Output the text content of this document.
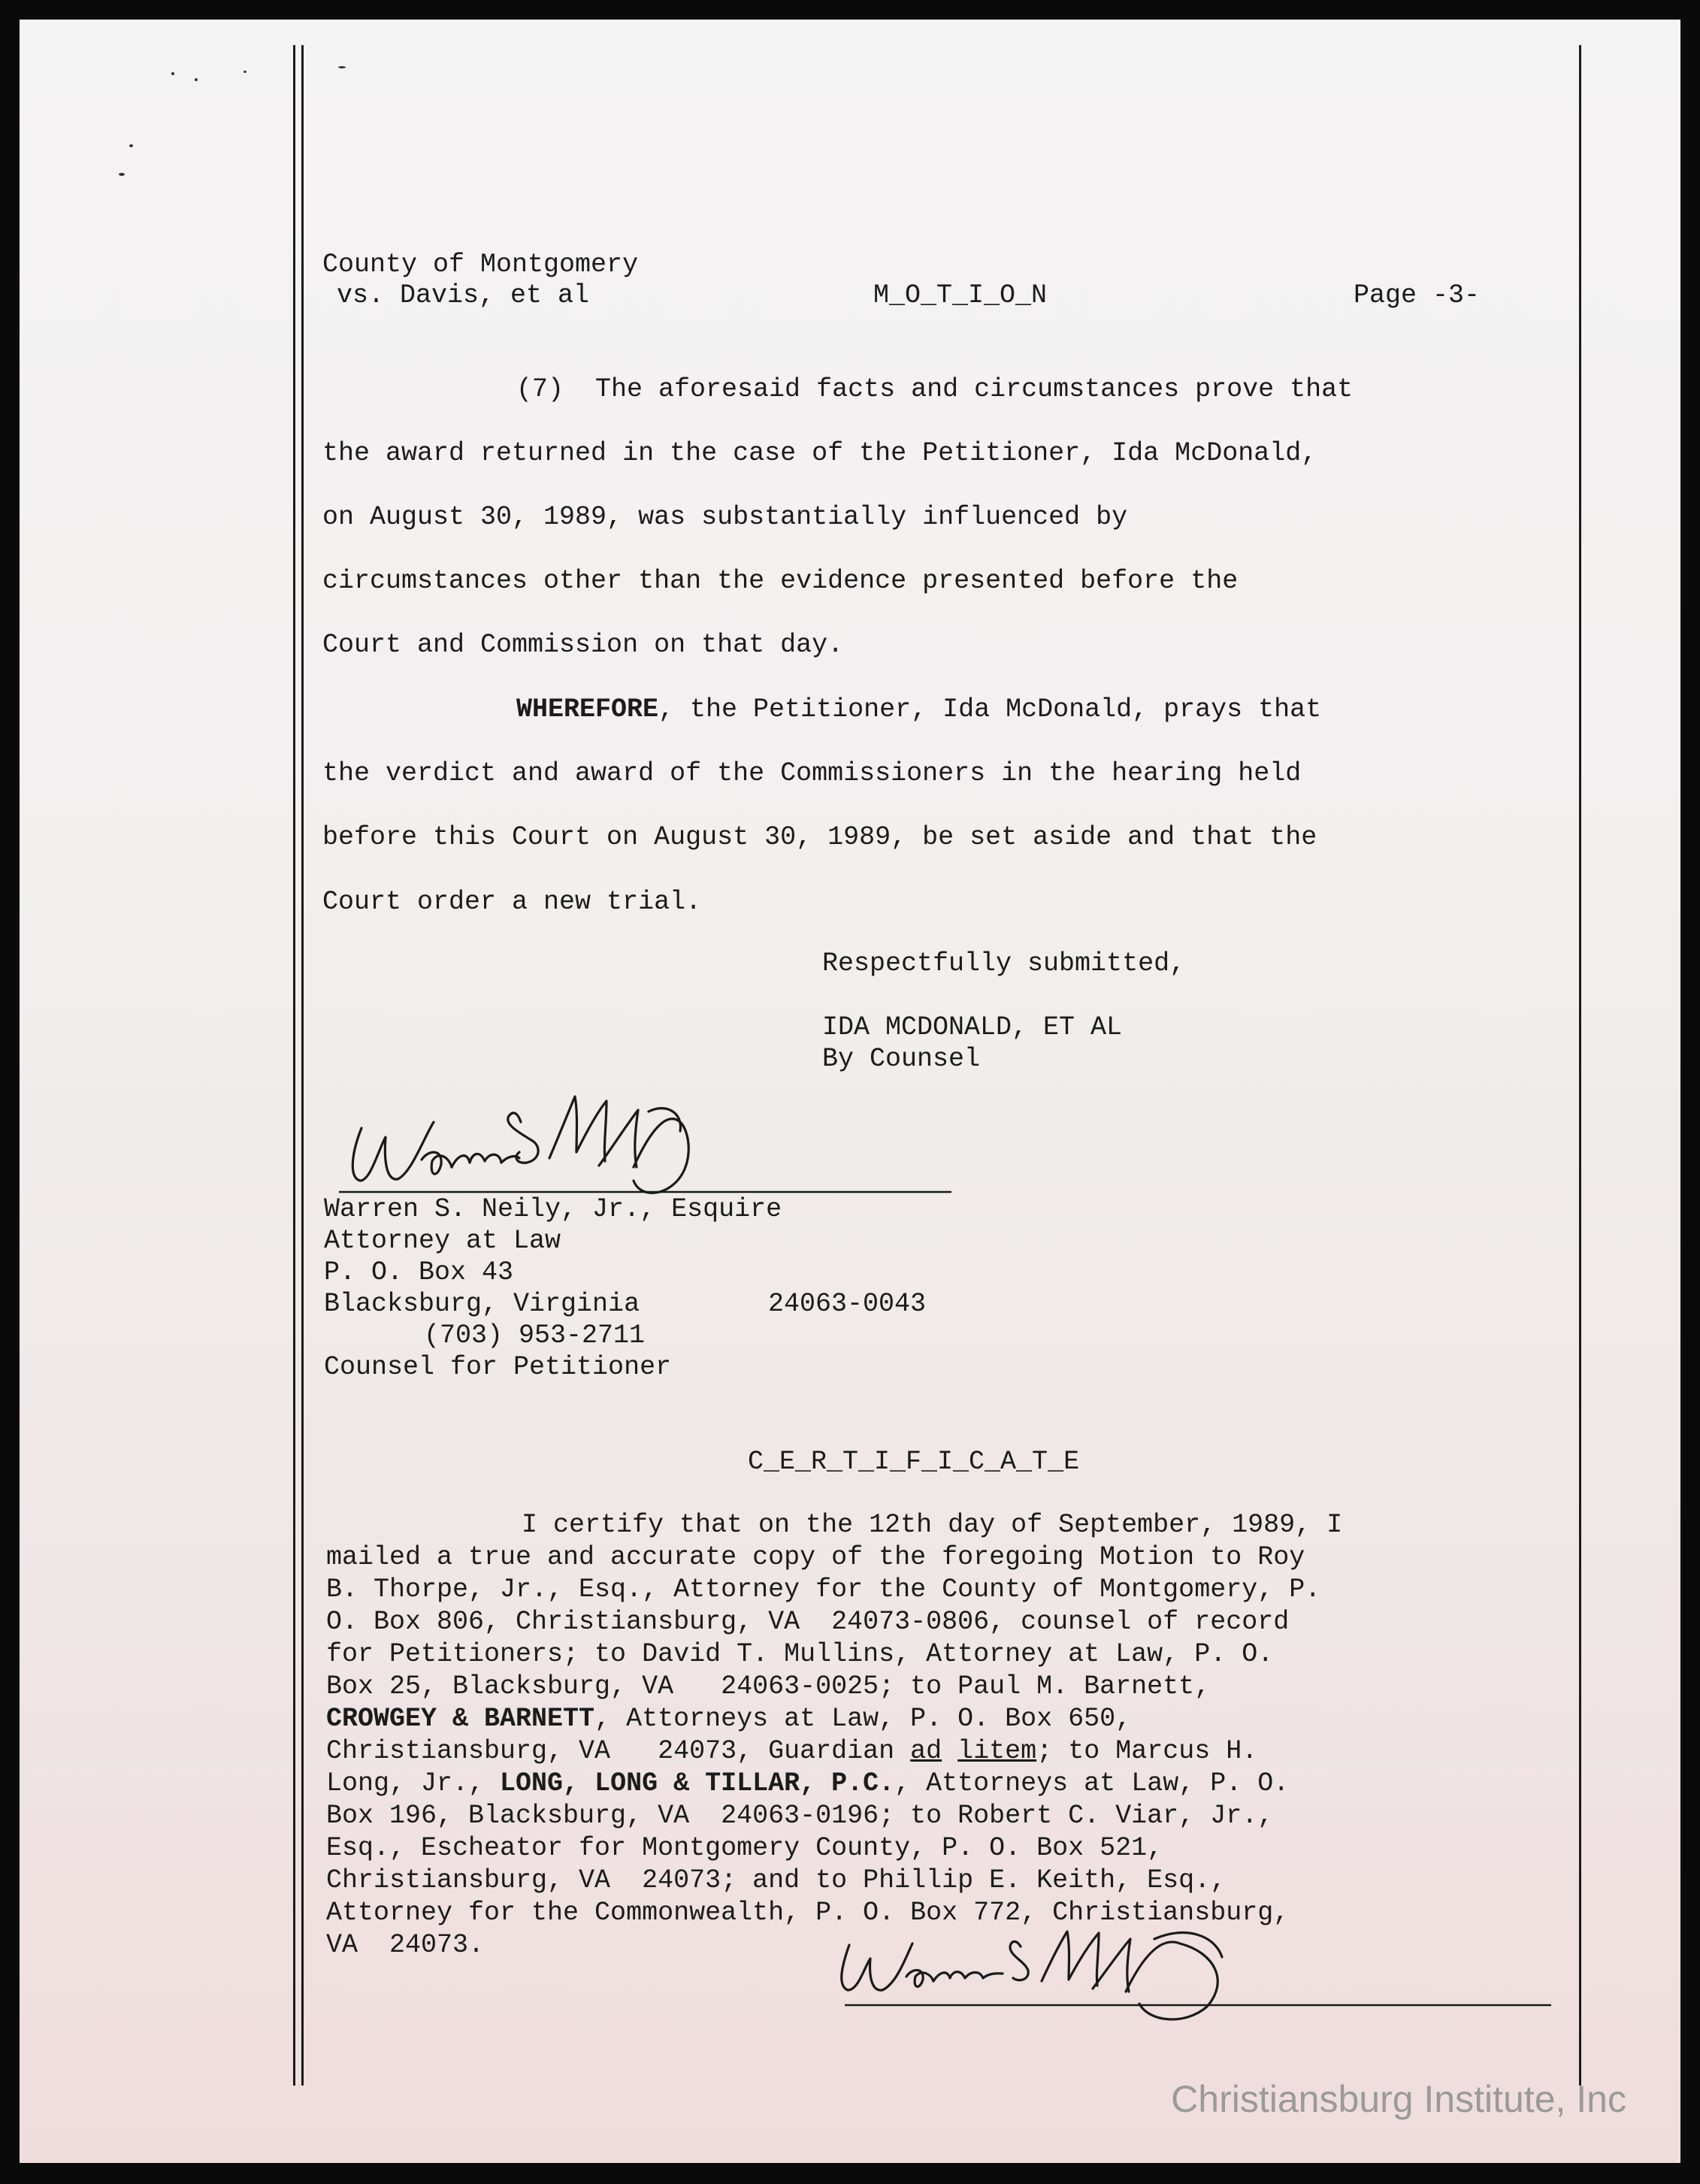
County of Montgomery
vs. Davis, et al	M_O_T_I_O_N	Page -3-
(7)  The aforesaid facts and circumstances prove that
the award returned in the case of the Petitioner, Ida McDonald,
on August 30, 1989, was substantially influenced by
circumstances other than the evidence presented before the
Court and Commission on that day.
WHEREFORE, the Petitioner, Ida McDonald, prays that
the verdict and award of the Commissioners in the hearing held
before this Court on August 30, 1989, be set aside and that the
Court order a new trial.
Respectfully submitted,
IDA MCDONALD, ET AL
By Counsel
Warren S. Neily, Jr., Esquire
Attorney at Law
P. O. Box 43
Blacksburg, Virginia	24063-0043
(703) 953-2711
Counsel for Petitioner
C_E_R_T_I_F_I_C_A_T_E
I certify that on the 12th day of September, 1989, I
mailed a true and accurate copy of the foregoing Motion to Roy
B. Thorpe, Jr., Esq., Attorney for the County of Montgomery, P.
O. Box 806, Christiansburg, VA  24073-0806, counsel of record
for Petitioners; to David T. Mullins, Attorney at Law, P. O.
Box 25, Blacksburg, VA   24063-0025; to Paul M. Barnett,
CROWGEY & BARNETT, Attorneys at Law, P. O. Box 650,
Christiansburg, VA   24073, Guardian ad litem; to Marcus H.
Long, Jr., LONG, LONG & TILLAR, P.C., Attorneys at Law, P. O.
Box 196, Blacksburg, VA  24063-0196; to Robert C. Viar, Jr.,
Esq., Escheator for Montgomery County, P. O. Box 521,
Christiansburg, VA  24073; and to Phillip E. Keith, Esq.,
Attorney for the Commonwealth, P. O. Box 772, Christiansburg,
VA  24073.
Christiansburg Institute, Inc
